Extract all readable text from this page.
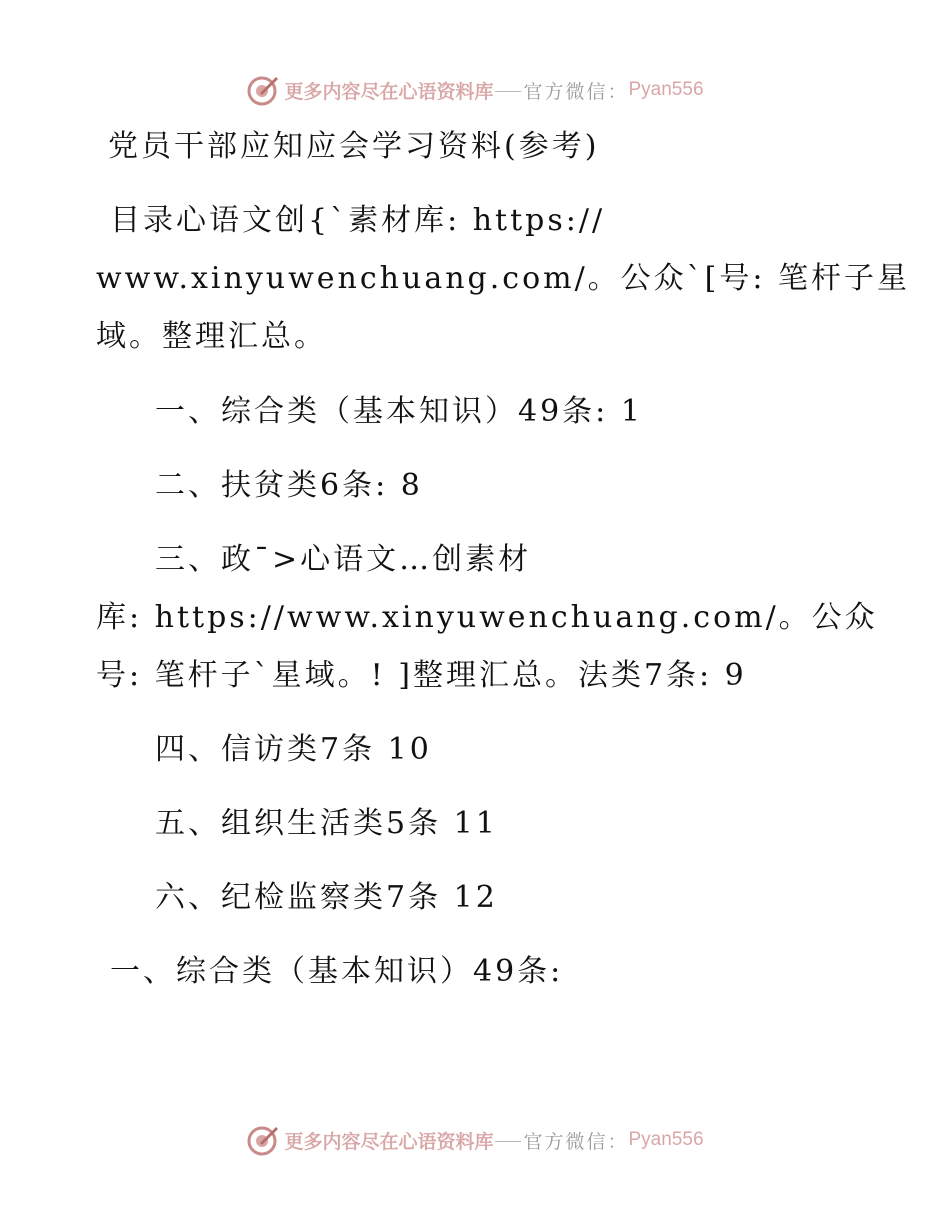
更多内容尽在心语资料库 官方微信： Pyan556
党员干部应知应会学习资料(参考)
目录心语文创{`素材库: https://
www.xinyuwenchuang.com/。公众`[号: 笔杆子星
域。整理汇总。
一、综合类（基本知识）49条: 1
二、扶贫类6条: 8
三、政¯>心语文…创素材
库: https://www.xinyuwenchuang.com/。公众
号: 笔杆子`星域。! ]整理汇总。法类7条: 9
四、信访类7条 10
五、组织生活类5条 11
六、纪检监察类7条 12
一、综合类（基本知识）49条:
更多内容尽在心语资料库 官方微信： Pyan556
